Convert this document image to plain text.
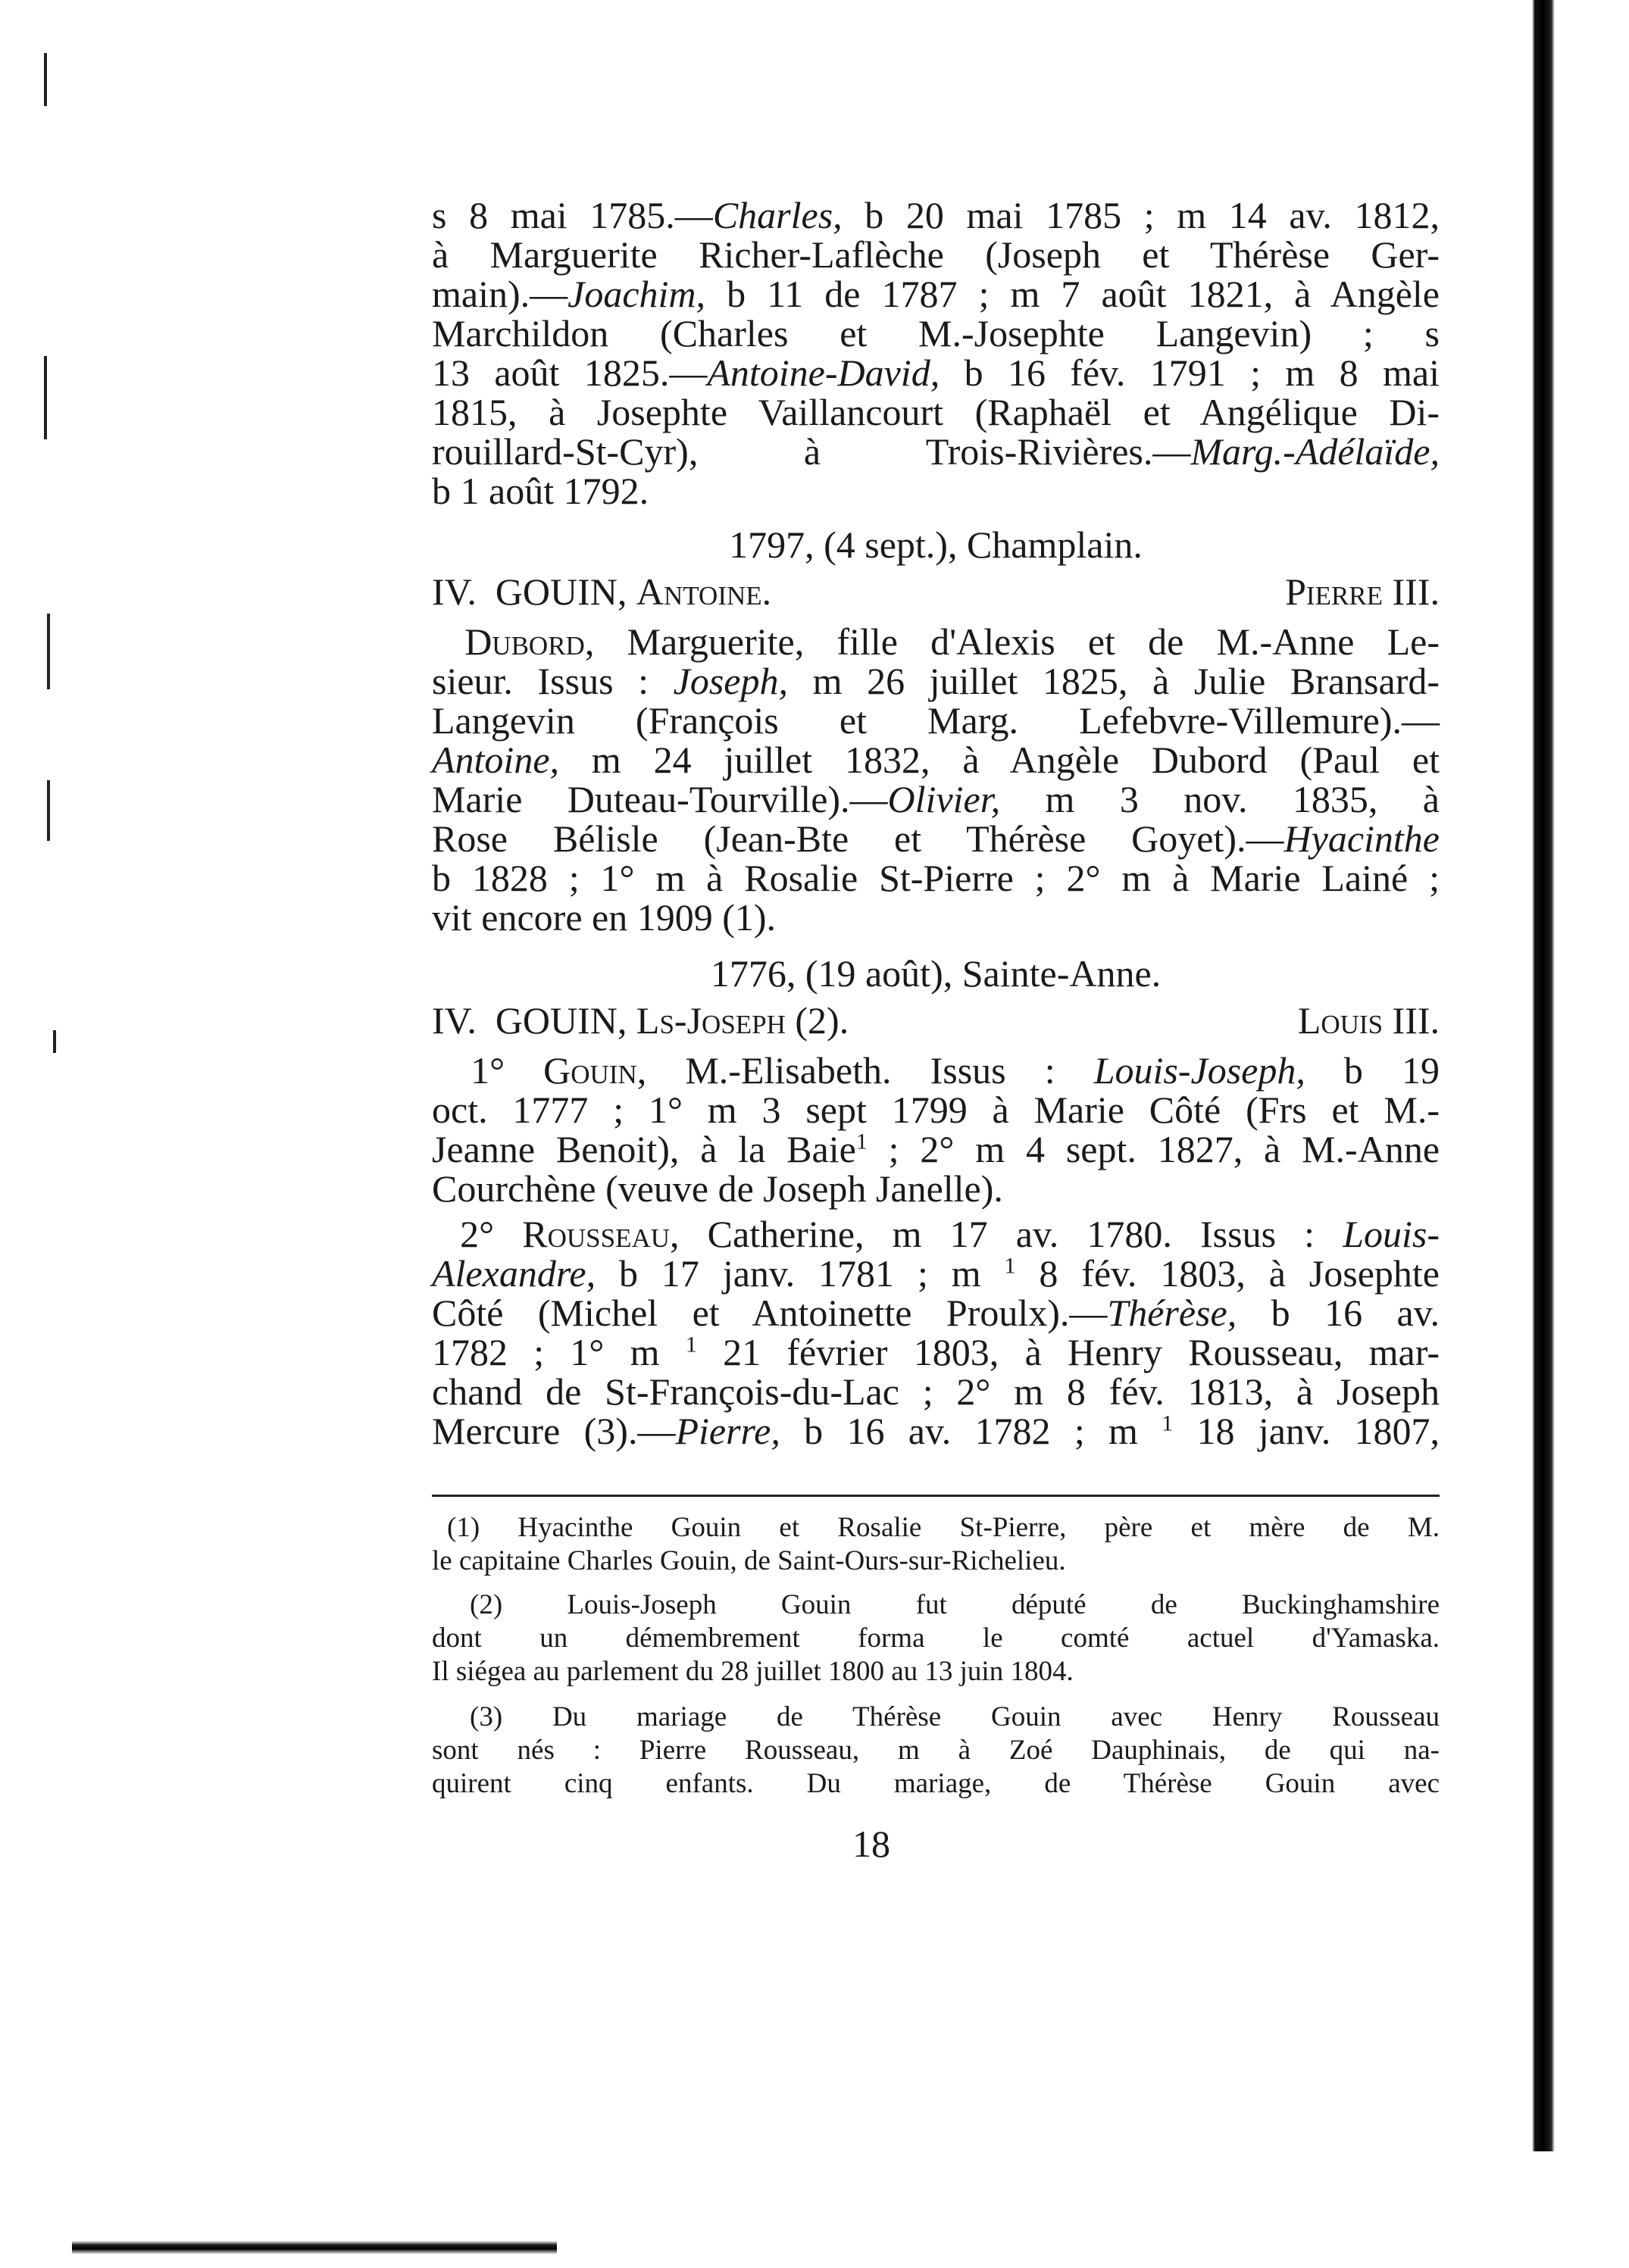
s 8 mai 1785.—Charles, b 20 mai 1785 ; m 14 av. 1812,
à Marguerite Richer-Laflèche (Joseph et Thérèse Ger-
main).—Joachim, b 11 de 1787 ; m 7 août 1821, à Angèle
Marchildon (Charles et M.-Josephte Langevin) ; s
13 août 1825.—Antoine-David, b 16 fév. 1791 ; m 8 mai
1815, à Josephte Vaillancourt (Raphaël et Angélique Di-
rouillard-St-Cyr), à Trois-Rivières.—Marg.-Adélaïde,
b 1 août 1792.
1797, (4 sept.), Champlain.
IV. GOUIN, Antoine.	Pierre III.
Dubord, Marguerite, fille d'Alexis et de M.-Anne Le-
sieur. Issus : Joseph, m 26 juillet 1825, à Julie Bransard-
Langevin (François et Marg. Lefebvre-Villemure).—
Antoine, m 24 juillet 1832, à Angèle Dubord (Paul et
Marie Duteau-Tourville).—Olivier, m 3 nov. 1835, à
Rose Bélisle (Jean-Bte et Thérèse Goyet).—Hyacinthe
b 1828 ; 1° m à Rosalie St-Pierre ; 2° m à Marie Lainé ;
vit encore en 1909 (1).
1776, (19 août), Sainte-Anne.
IV. GOUIN, Ls-Joseph (2).	Louis III.
1° Gouin, M.-Elisabeth. Issus : Louis-Joseph, b 19
oct. 1777 ; 1° m 3 sept 1799 à Marie Côté (Frs et M.-
Jeanne Benoit), à la Baie$^1$ ; 2° m 4 sept. 1827, à M.-Anne
Courchène (veuve de Joseph Janelle).
2° Rousseau, Catherine, m 17 av. 1780. Issus : Louis-
Alexandre, b 17 janv. 1781 ; m $^1$ 8 fév. 1803, à Josephte
Côté (Michel et Antoinette Proulx).—Thérèse, b 16 av.
1782 ; 1° m $^1$ 21 février 1803, à Henry Rousseau, mar-
chand de St-François-du-Lac ; 2° m 8 fév. 1813, à Joseph
Mercure (3).—Pierre, b 16 av. 1782 ; m $^1$ 18 janv. 1807,
(1) Hyacinthe Gouin et Rosalie St-Pierre, père et mère de M.
le capitaine Charles Gouin, de Saint-Ours-sur-Richelieu.
(2) Louis-Joseph Gouin fut député de Buckinghamshire
dont un démembrement forma le comté actuel d'Yamaska.
Il siégea au parlement du 28 juillet 1800 au 13 juin 1804.
(3) Du mariage de Thérèse Gouin avec Henry Rousseau
sont nés : Pierre Rousseau, m à Zoé Dauphinais, de qui na-
quirent cinq enfants. Du mariage, de Thérèse Gouin avec
18
